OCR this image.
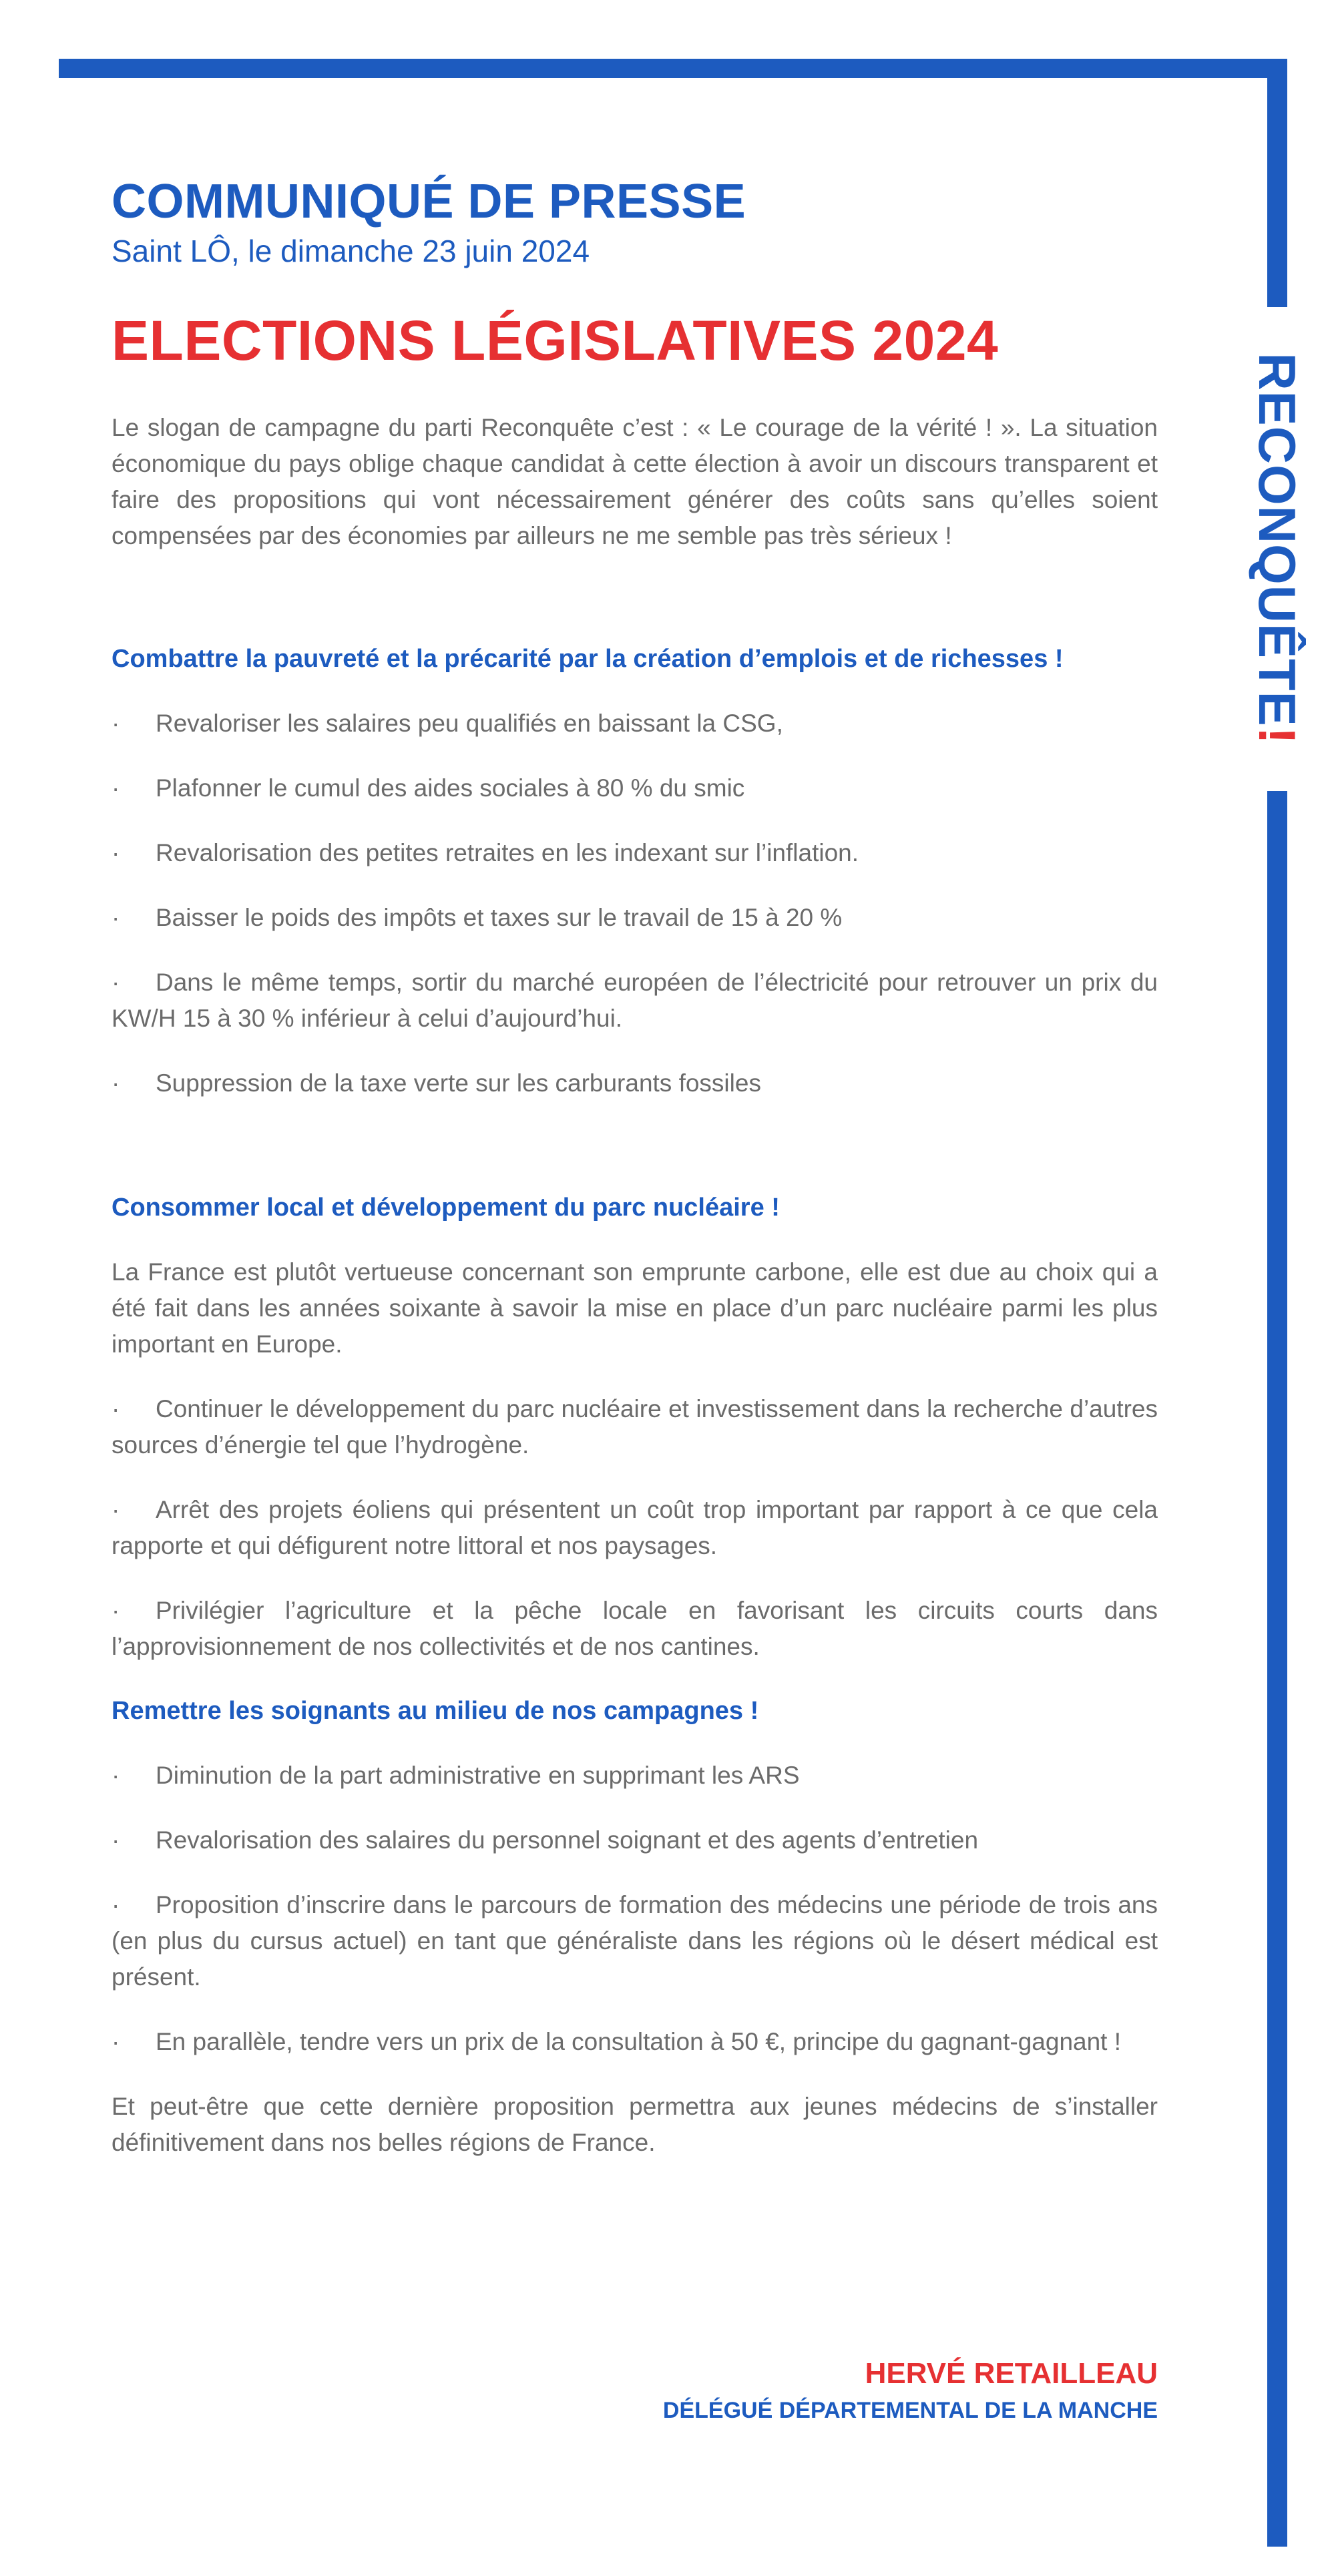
RECONQUÊTE!
COMMUNIQUÉ DE PRESSE

Saint LÔ, le dimanche 23 juin 2024

ELECTIONS LÉGISLATIVES 2024

Le slogan de campagne du parti Reconquête c’est : « Le courage de la vérité ! ». La situation économique du pays oblige chaque candidat à cette élection à avoir un discours transparent et faire des propositions qui vont nécessairement générer des coûts sans qu’elles soient compensées par des économies par ailleurs ne me semble pas très sérieux !

Combattre la pauvreté et la précarité par la création d’emplois et de richesses !
· Revaloriser les salaires peu qualifiés en baissant la CSG,
· Plafonner le cumul des aides sociales à 80 % du smic
· Revalorisation des petites retraites en les indexant sur l’inflation.
· Baisser le poids des impôts et taxes sur le travail de 15 à 20 %
· Dans le même temps, sortir du marché européen de l’électricité pour retrouver un prix du KW/H 15 à 30 % inférieur à celui d’aujourd’hui.
· Suppression de la taxe verte sur les carburants fossiles
Consommer local et développement du parc nucléaire !

La France est plutôt vertueuse concernant son emprunte carbone, elle est due au choix qui a été fait dans les années soixante à savoir la mise en place d’un parc nucléaire parmi les plus important en Europe.

· Continuer le développement du parc nucléaire et investissement dans la recherche d’autres sources d’énergie tel que l’hydrogène.
· Arrêt des projets éoliens qui présentent un coût trop important par rapport à ce que cela rapporte et qui défigurent notre littoral et nos paysages.
· Privilégier l’agriculture et la pêche locale en favorisant les circuits courts dans l’approvisionnement de nos collectivités et de nos cantines.
Remettre les soignants au milieu de nos campagnes !
· Diminution de la part administrative en supprimant les ARS
· Revalorisation des salaires du personnel soignant et des agents d’entretien
· Proposition d’inscrire dans le parcours de formation des médecins une période de trois ans (en plus du cursus actuel) en tant que généraliste dans les régions où le désert médical est présent.
· En parallèle, tendre vers un prix de la consultation à 50 €, principe du gagnant-gagnant !

Et peut-être que cette dernière proposition permettra aux jeunes médecins de s’installer définitivement dans nos belles régions de France.

HERVÉ RETAILLEAU

DÉLÉGUÉ DÉPARTEMENTAL DE LA MANCHE
